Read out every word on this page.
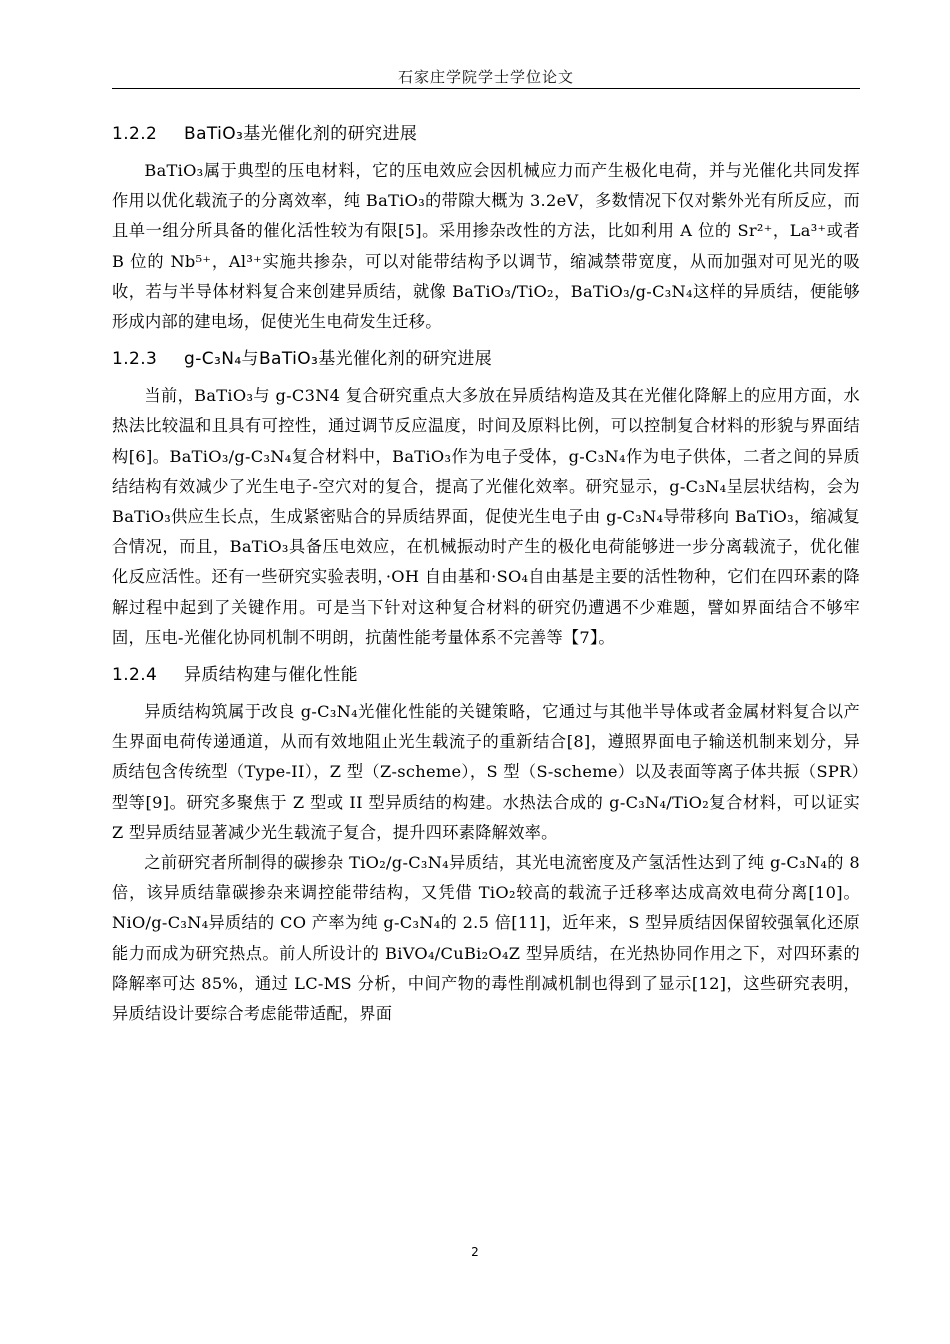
石家庄学院学士学位论文
1.2.2 BaTiO₃基光催化剂的研究进展

BaTiO₃属于典型的压电材料，它的压电效应会因机械应力而产生极化电荷，并与光催化共同发挥作用以优化载流子的分离效率，纯 BaTiO₃的带隙大概为 3.2eV，多数情况下仅对紫外光有所反应，而且单一组分所具备的催化活性较为有限[5]。采用掺杂改性的方法，比如利用 A 位的 Sr²⁺，La³⁺或者 B 位的 Nb⁵⁺，Al³⁺实施共掺杂，可以对能带结构予以调节，缩减禁带宽度，从而加强对可见光的吸收，若与半导体材料复合来创建异质结，就像 BaTiO₃/TiO₂，BaTiO₃/g‐C₃N₄这样的异质结，便能够形成内部的建电场，促使光生电荷发生迁移。

1.2.3 g-C₃N₄与BaTiO₃基光催化剂的研究进展

当前，BaTiO₃与 g‐C3N4 复合研究重点大多放在异质结构造及其在光催化降解上的应用方面，水热法比较温和且具有可控性，通过调节反应温度，时间及原料比例，可以控制复合材料的形貌与界面结构[6]。BaTiO₃/g-C₃N₄复合材料中，BaTiO₃作为电子受体，g-C₃N₄作为电子供体，二者之间的异质结结构有效减少了光生电子-空穴对的复合，提高了光催化效率。研究显示，g‐C₃N₄呈层状结构，会为 BaTiO₃供应生长点，生成紧密贴合的异质结界面，促使光生电子由 g‐C₃N₄导带移向 BaTiO₃，缩减复合情况，而且，BaTiO₃具备压电效应，在机械振动时产生的极化电荷能够进一步分离载流子，优化催化反应活性。还有一些研究实验表明，·OH 自由基和·SO₄自由基是主要的活性物种，它们在四环素的降解过程中起到了关键作用。可是当下针对这种复合材料的研究仍遭遇不少难题，譬如界面结合不够牢固，压电‐光催化协同机制不明朗，抗菌性能考量体系不完善等【7】。

1.2.4 异质结构建与催化性能

异质结构筑属于改良 g-C₃N₄光催化性能的关键策略，它通过与其他半导体或者金属材料复合以产生界面电荷传递通道，从而有效地阻止光生载流子的重新结合[8]，遵照界面电子输送机制来划分，异质结包含传统型（Type‐II），Z 型（Z‐scheme），S 型（S‐scheme）以及表面等离子体共振（SPR）型等[9]。研究多聚焦于 Z 型或 II 型异质结的构建。水热法合成的 g-C₃N₄/TiO₂复合材料，可以证实 Z 型异质结显著减少光生载流子复合，提升四环素降解效率。

之前研究者所制得的碳掺杂 TiO₂/g-C₃N₄异质结，其光电流密度及产氢活性达到了纯 g-C₃N₄的 8 倍，该异质结靠碳掺杂来调控能带结构，又凭借 TiO₂较高的载流子迁移率达成高效电荷分离[10]。NiO/g-C₃N₄异质结的 CO 产率为纯 g-C₃N₄的 2.5 倍[11]，近年来，S 型异质结因保留较强氧化还原能力而成为研究热点。前人所设计的 BiVO₄/CuBi₂O₄Z 型异质结，在光热协同作用之下，对四环素的降解率可达 85%，通过 LC‐MS 分析，中间产物的毒性削减机制也得到了显示[12]，这些研究表明，异质结设计要综合考虑能带适配，界面

2
